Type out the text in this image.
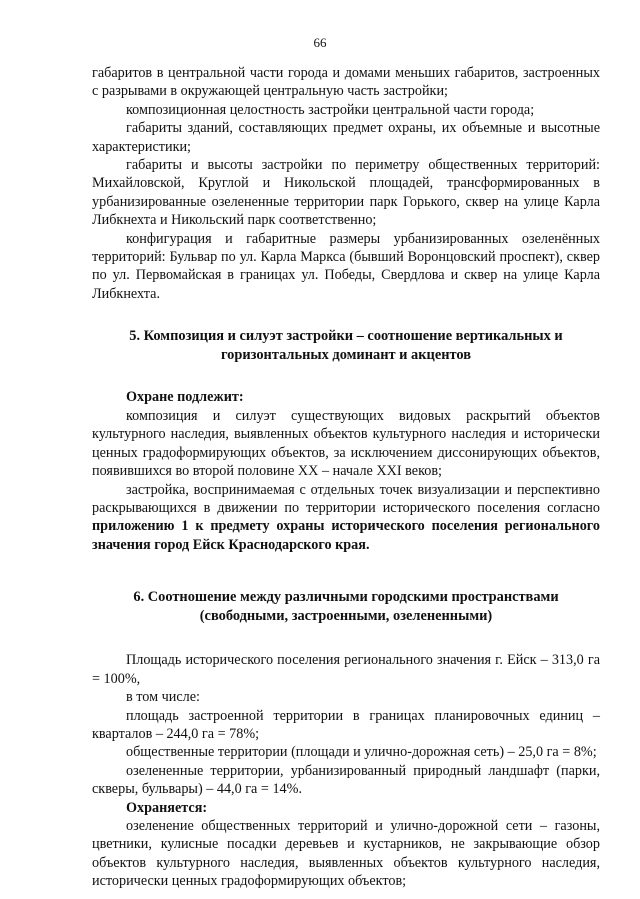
66

габаритов в центральной части города и домами меньших габаритов, застроенных с разрывами в окружающей центральную часть застройки;

композиционная целостность застройки центральной части города;

габариты зданий, составляющих предмет охраны, их объемные и высотные характеристики;

габариты и высоты застройки по периметру общественных территорий: Михайловской, Круглой и Никольской площадей, трансформированных в урбанизированные озелененные территории парк Горького, сквер на улице Карла Либкнехта и Никольский парк соответственно;

конфигурация и габаритные размеры урбанизированных озеленённых территорий: Бульвар по ул. Карла Маркса (бывший Воронцовский проспект), сквер по ул. Первомайская в границах ул. Победы, Свердлова и сквер на улице Карла Либкнехта.

5. Композиция и силуэт застройки – соотношение вертикальных и горизонтальных доминант и акцентов

Охране подлежит:

композиция и силуэт существующих видовых раскрытий объектов культурного наследия, выявленных объектов культурного наследия и исторически ценных градоформирующих объектов, за исключением диссонирующих объектов, появившихся во второй половине XX – начале XXI веков;

застройка, воспринимаемая с отдельных точек визуализации и перспективно раскрывающихся в движении по территории исторического поселения согласно приложению 1 к предмету охраны исторического поселения регионального значения город Ейск Краснодарского края.

6. Соотношение между различными городскими пространствами (свободными, застроенными, озелененными)

Площадь исторического поселения регионального значения г. Ейск – 313,0 га = 100%,

в том числе:

площадь застроенной территории в границах планировочных единиц – кварталов – 244,0 га = 78%;

общественные территории (площади и улично-дорожная сеть) – 25,0 га = 8%;

озелененные территории, урбанизированный природный ландшафт (парки, скверы, бульвары) – 44,0 га = 14%.

Охраняется:

озеленение общественных территорий и улично-дорожной сети – газоны, цветники, кулисные посадки деревьев и кустарников, не закрывающие обзор объектов культурного наследия, выявленных объектов культурного наследия, исторически ценных градоформирующих объектов;
